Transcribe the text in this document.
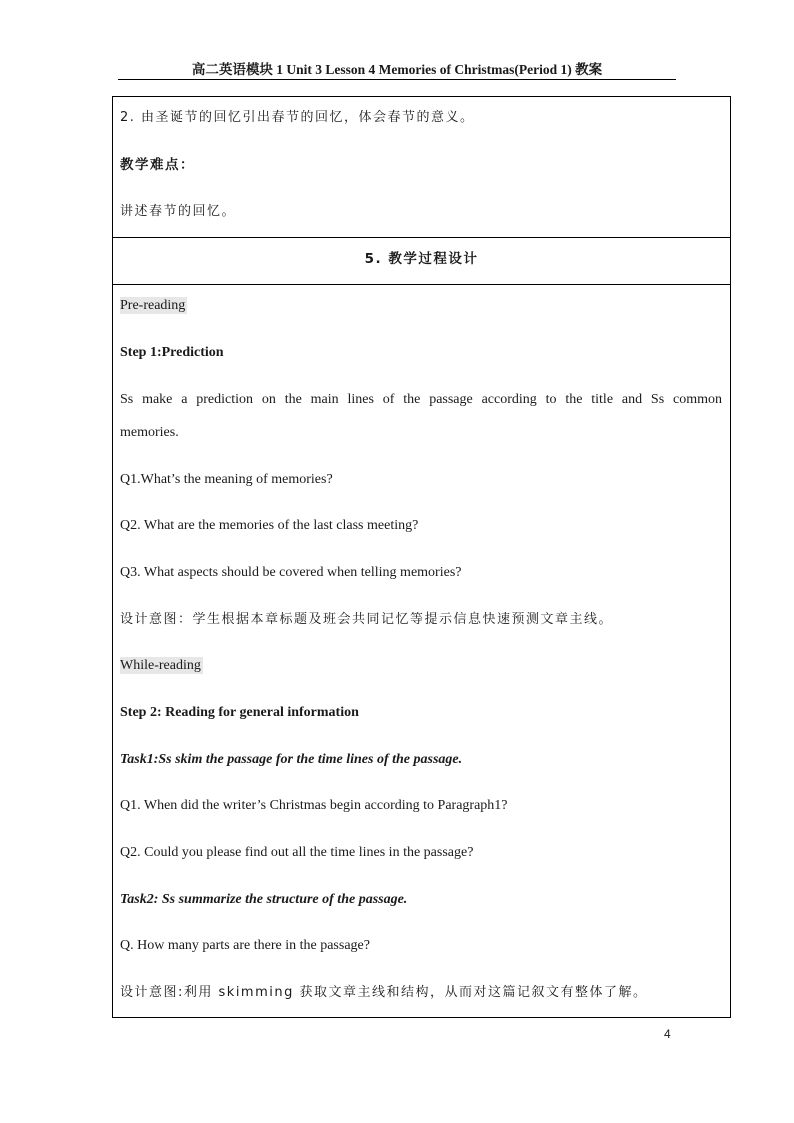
高二英语模块 1 Unit 3 Lesson 4 Memories of Christmas(Period 1) 教案
2. 由圣诞节的回忆引出春节的回忆，体会春节的意义。
教学难点：
讲述春节的回忆。
5. 教学过程设计
Pre-reading
Step 1:Prediction
Ss make a prediction on the main lines of the passage according to the title and Ss common
memories.
Q1.What’s the meaning of memories?
Q2. What are the memories of the last class meeting?
Q3. What aspects should be covered when telling memories?
设计意图：学生根据本章标题及班会共同记忆等提示信息快速预测文章主线。
While-reading
Step 2: Reading for general information
Task1:Ss skim the passage for the time lines of the passage.
Q1. When did the writer’s Christmas begin according to Paragraph1?
Q2. Could you please find out all the time lines in the passage?
Task2: Ss summarize the structure of the passage.
Q. How many parts are there in the passage?
设计意图:利用 skimming 获取文章主线和结构，从而对这篇记叙文有整体了解。
4
